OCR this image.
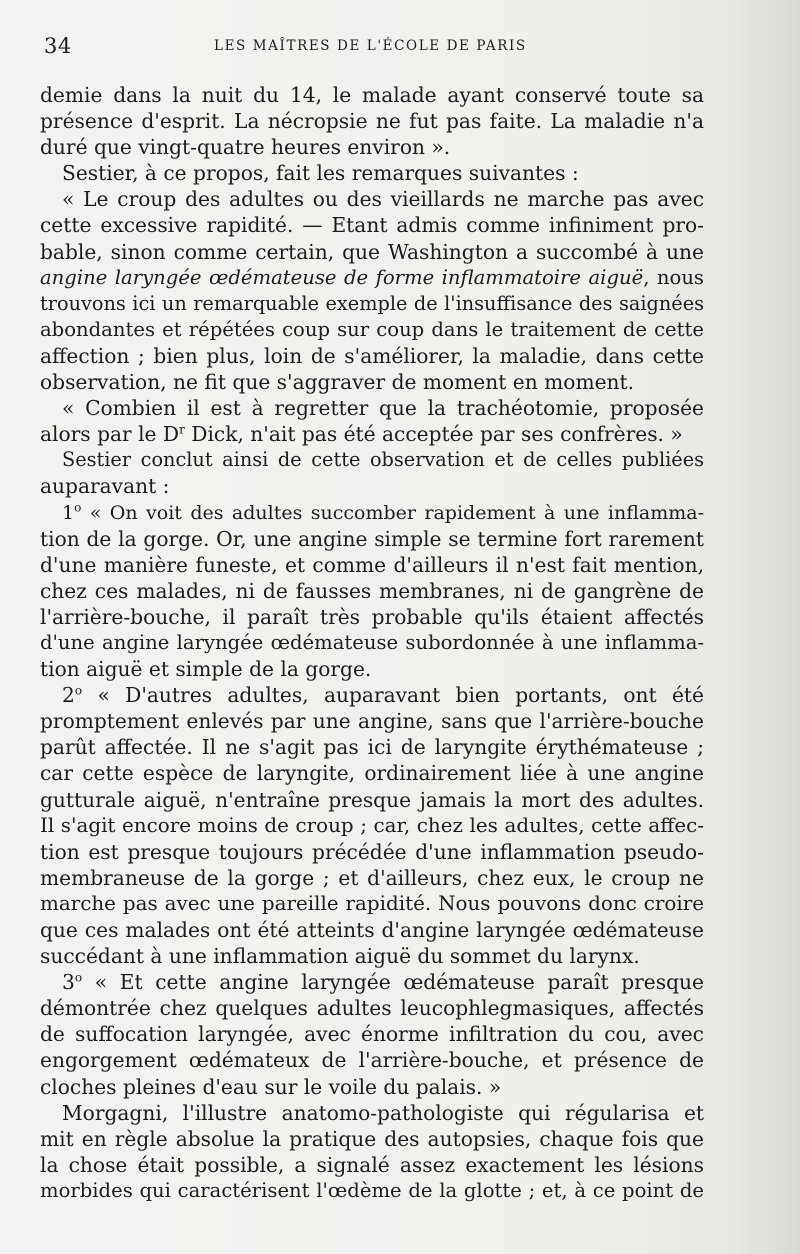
34	LES MAÎTRES DE L'ÉCOLE DE PARIS
demie dans la nuit du 14, le malade ayant conservé toute sa
présence d'esprit. La nécropsie ne fut pas faite. La maladie n'a
duré que vingt-quatre heures environ ».
Sestier, à ce propos, fait les remarques suivantes :
« Le croup des adultes ou des vieillards ne marche pas avec
cette excessive rapidité. — Etant admis comme infiniment pro-
bable, sinon comme certain, que Washington a succombé à une
angine laryngée œdémateuse de forme inflammatoire aiguë, nous
trouvons ici un remarquable exemple de l'insuffisance des saignées
abondantes et répétées coup sur coup dans le traitement de cette
affection ; bien plus, loin de s'améliorer, la maladie, dans cette
observation, ne fit que s'aggraver de moment en moment.
« Combien il est à regretter que la trachéotomie, proposée
alors par le $D^r$ Dick, n'ait pas été acceptée par ses confrères. »
Sestier conclut ainsi de cette observation et de celles publiées
auparavant :
1$^o$ « On voit des adultes succomber rapidement à une inflamma-
tion de la gorge. Or, une angine simple se termine fort rarement
d'une manière funeste, et comme d'ailleurs il n'est fait mention,
chez ces malades, ni de fausses membranes, ni de gangrène de
l'arrière-bouche, il paraît très probable qu'ils étaient affectés
d'une angine laryngée œdémateuse subordonnée à une inflamma-
tion aiguë et simple de la gorge.
2$^o$ « D'autres adultes, auparavant bien portants, ont été
promptement enlevés par une angine, sans que l'arrière-bouche
parût affectée. Il ne s'agit pas ici de laryngite érythémateuse ;
car cette espèce de laryngite, ordinairement liée à une angine
gutturale aiguë, n'entraîne presque jamais la mort des adultes.
Il s'agit encore moins de croup ; car, chez les adultes, cette affec-
tion est presque toujours précédée d'une inflammation pseudo-
membraneuse de la gorge ; et d'ailleurs, chez eux, le croup ne
marche pas avec une pareille rapidité. Nous pouvons donc croire
que ces malades ont été atteints d'angine laryngée œdémateuse
succédant à une inflammation aiguë du sommet du larynx.
3$^o$ « Et cette angine laryngée œdémateuse paraît presque
démontrée chez quelques adultes leucophlegmasiques, affectés
de suffocation laryngée, avec énorme infiltration du cou, avec
engorgement œdémateux de l'arrière-bouche, et présence de
cloches pleines d'eau sur le voile du palais. »
Morgagni, l'illustre anatomo-pathologiste qui régularisa et
mit en règle absolue la pratique des autopsies, chaque fois que
la chose était possible, a signalé assez exactement les lésions
morbides qui caractérisent l'œdème de la glotte ; et, à ce point de
